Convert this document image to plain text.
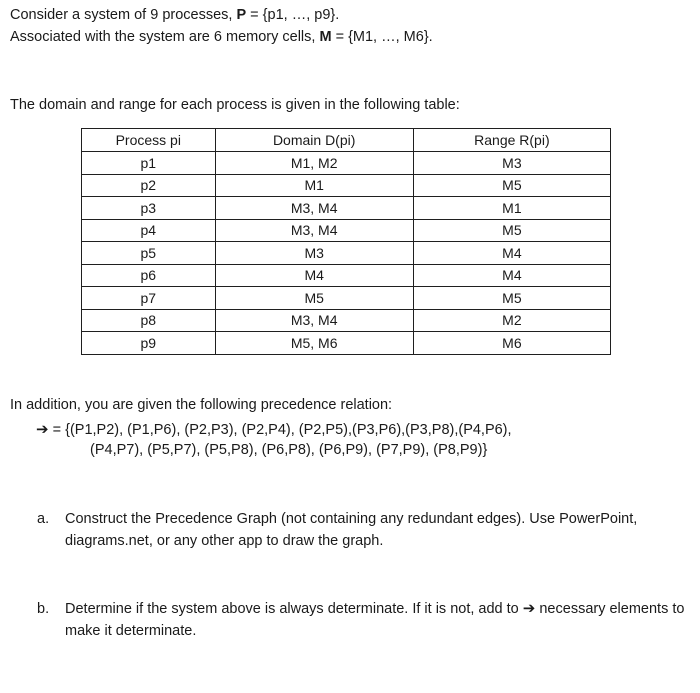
Consider a system of 9 processes, P = {p1, …, p9}.
Associated with the system are 6 memory cells, M = {M1, …, M6}.
The domain and range for each process is given in the following table:
Process pi	Domain D(pi)	Range R(pi)
p1	M1, M2	M3
p2	M1	M5
p3	M3, M4	M1
p4	M3, M4	M5
p5	M3	M4
p6	M4	M4
p7	M5	M5
p8	M3, M4	M2
p9	M5, M6	M6
In addition, you are given the following precedence relation:
➔ = {(P1,P2), (P1,P6), (P2,P3), (P2,P4), (P2,P5),(P3,P6),(P3,P8),(P4,P6),
(P4,P7), (P5,P7), (P5,P8), (P6,P8), (P6,P9), (P7,P9), (P8,P9)}
a. Construct the Precedence Graph (not containing any redundant edges). Use PowerPoint, diagrams.net, or any other app to draw the graph.
b. Determine if the system above is always determinate. If it is not, add to ➔ necessary elements to make it determinate.
